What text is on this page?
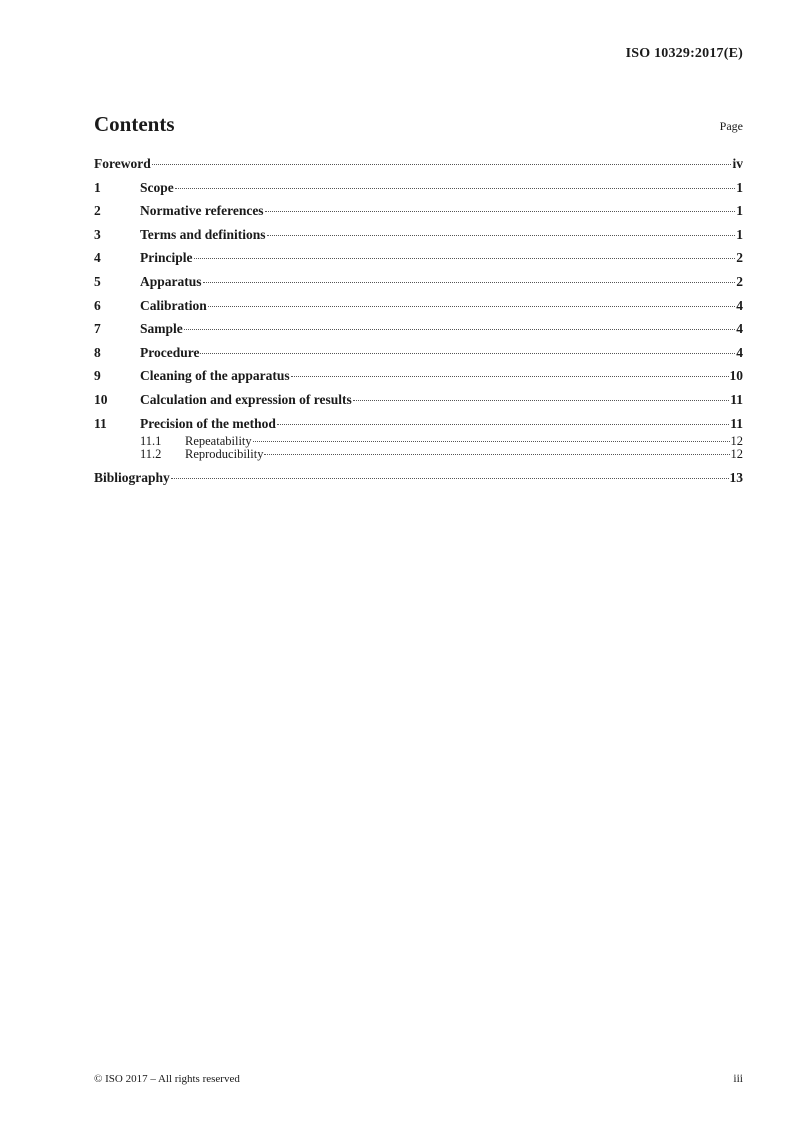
ISO 10329:2017(E)
Contents	Page
Foreword	iv
1	Scope	1
2	Normative references	1
3	Terms and definitions	1
4	Principle	2
5	Apparatus	2
6	Calibration	4
7	Sample	4
8	Procedure	4
9	Cleaning of the apparatus	10
10	Calculation and expression of results	11
11	Precision of the method	11
11.1	Repeatability	12
11.2	Reproducibility	12
Bibliography	13
© ISO 2017 – All rights reserved	iii
